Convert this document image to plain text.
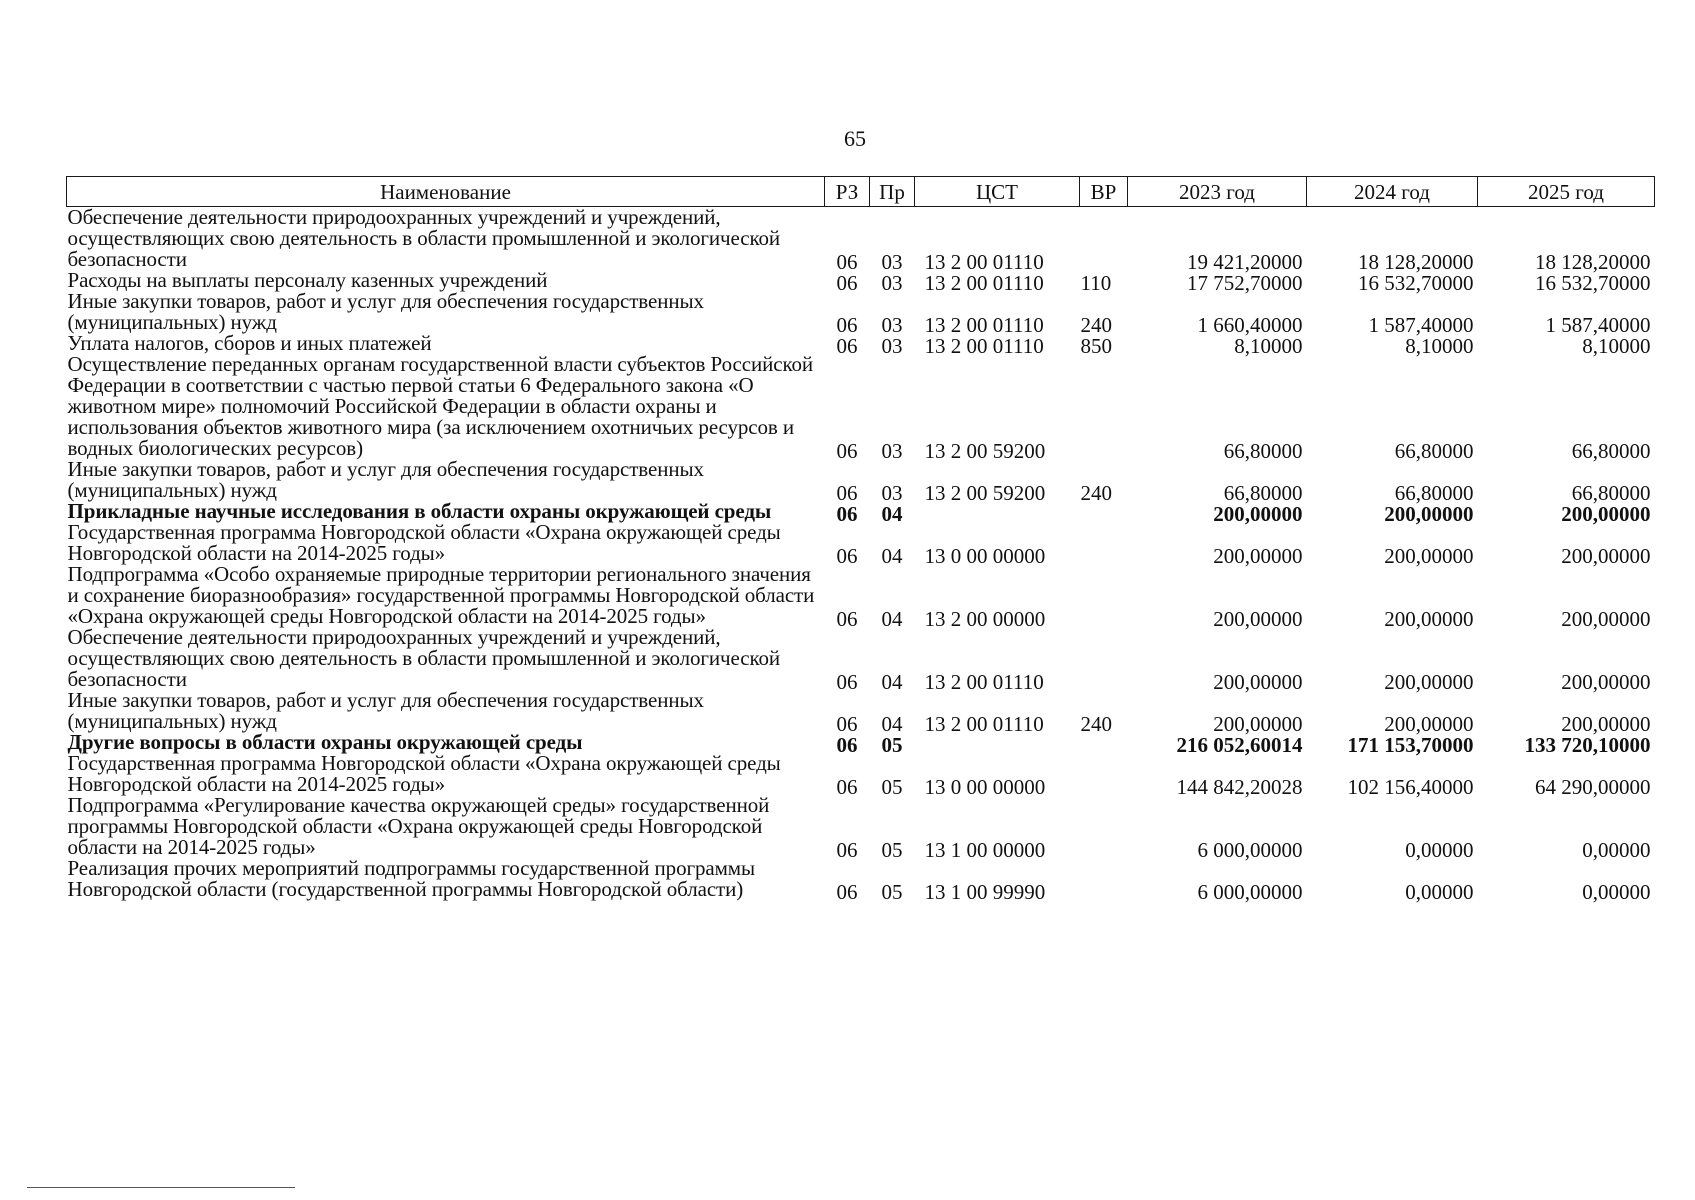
65
Наименование	РЗ	Пр	ЦСТ	ВР	2023 год	2024 год	2025 год
Обеспечение деятельности природоохранных учреждений и учреждений, осуществляющих свою деятельность в области промышленной и экологической безопасности	06	03	13 2 00 01110		19 421,20000	18 128,20000	18 128,20000
Расходы на выплаты персоналу казенных учреждений	06	03	13 2 00 01110	110	17 752,70000	16 532,70000	16 532,70000
Иные закупки товаров, работ и услуг для обеспечения государственных (муниципальных) нужд	06	03	13 2 00 01110	240	1 660,40000	1 587,40000	1 587,40000
Уплата налогов, сборов и иных платежей	06	03	13 2 00 01110	850	8,10000	8,10000	8,10000
Осуществление переданных органам государственной власти субъектов Российской Федерации в соответствии с частью первой статьи 6 Федерального закона «О животном мире» полномочий Российской Федерации в области охраны и использования объектов животного мира (за исключением охотничьих ресурсов и водных биологических ресурсов)	06	03	13 2 00 59200		66,80000	66,80000	66,80000
Иные закупки товаров, работ и услуг для обеспечения государственных (муниципальных) нужд	06	03	13 2 00 59200	240	66,80000	66,80000	66,80000
Прикладные научные исследования в области охраны окружающей среды	06	04			200,00000	200,00000	200,00000
Государственная программа Новгородской области «Охрана окружающей среды Новгородской области на 2014-2025 годы»	06	04	13 0 00 00000		200,00000	200,00000	200,00000
Подпрограмма «Особо охраняемые природные территории регионального значения и сохранение биоразнообразия» государственной программы Новгородской области «Охрана окружающей среды Новгородской области на 2014-2025 годы»	06	04	13 2 00 00000		200,00000	200,00000	200,00000
Обеспечение деятельности природоохранных учреждений и учреждений, осуществляющих свою деятельность в области промышленной и экологической безопасности	06	04	13 2 00 01110		200,00000	200,00000	200,00000
Иные закупки товаров, работ и услуг для обеспечения государственных (муниципальных) нужд	06	04	13 2 00 01110	240	200,00000	200,00000	200,00000
Другие вопросы в области охраны окружающей среды	06	05			216 052,60014	171 153,70000	133 720,10000
Государственная программа Новгородской области «Охрана окружающей среды Новгородской области на 2014-2025 годы»	06	05	13 0 00 00000		144 842,20028	102 156,40000	64 290,00000
Подпрограмма «Регулирование качества окружающей среды» государственной программы Новгородской области «Охрана окружающей среды Новгородской области на 2014-2025 годы»	06	05	13 1 00 00000		6 000,00000	0,00000	0,00000
Реализация прочих мероприятий подпрограммы государственной программы Новгородской области (государственной программы Новгородской области)	06	05	13 1 00 99990		6 000,00000	0,00000	0,00000
